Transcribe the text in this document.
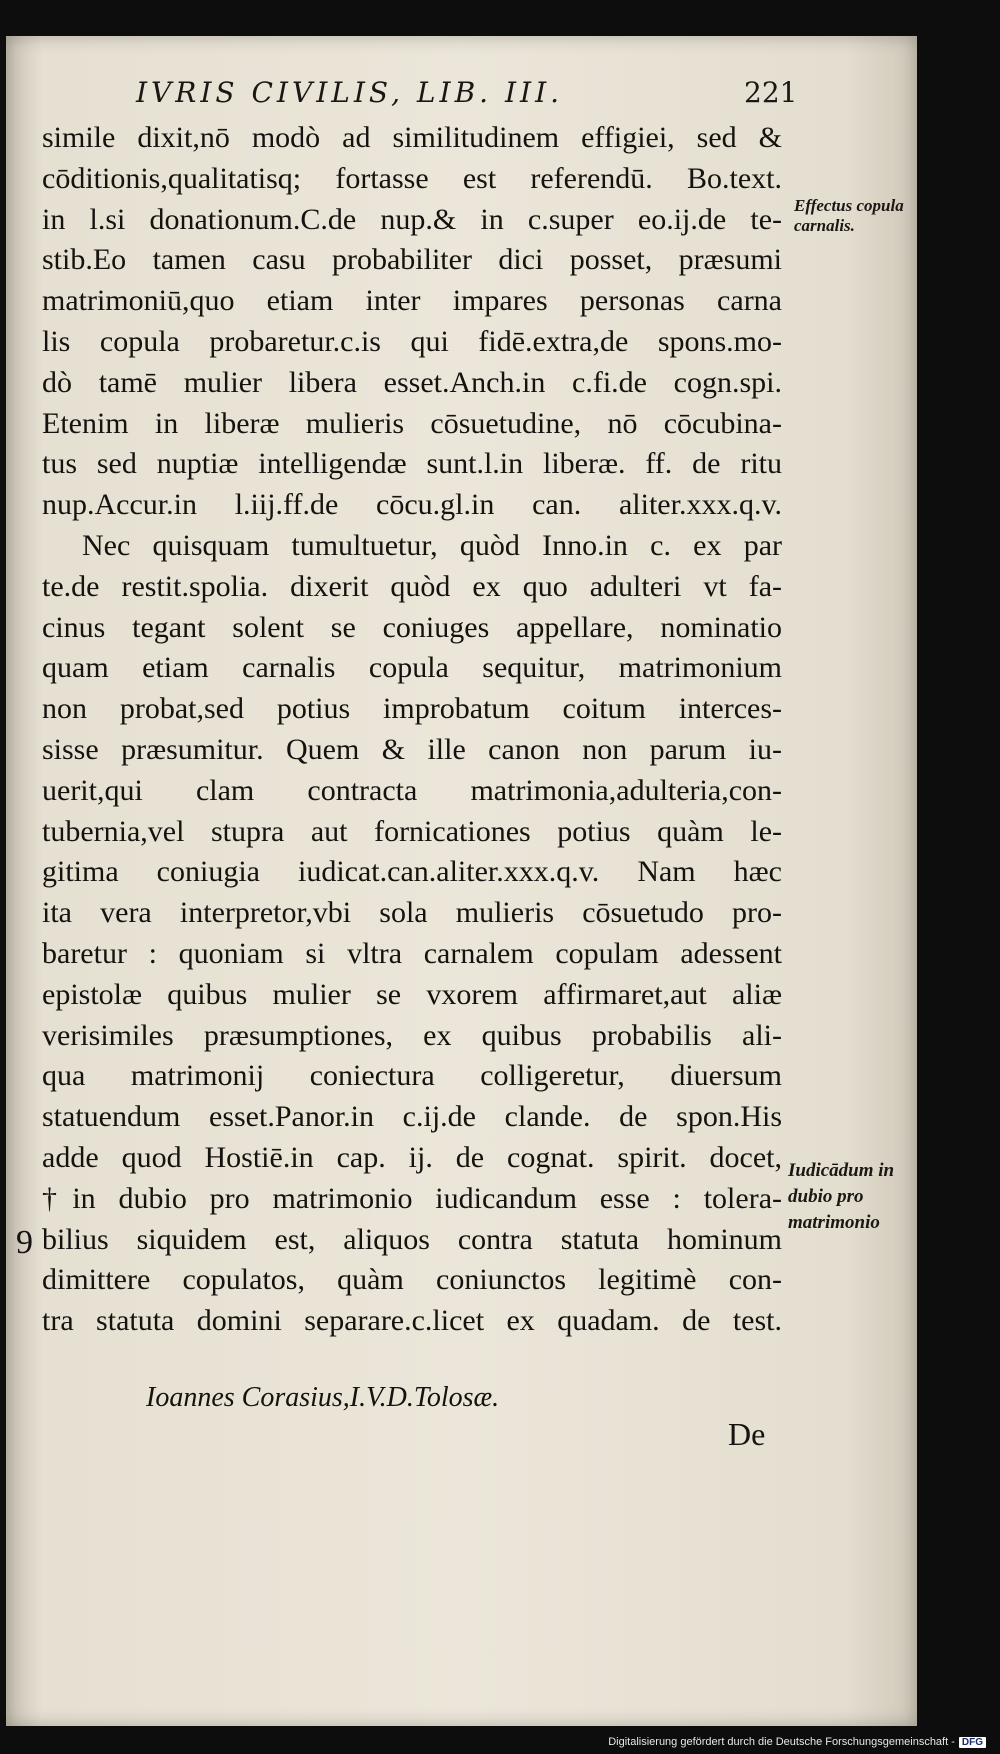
IVRIS CIVILIS, LIB. III.	221
simile dixit,nō modò ad similitudinem effigiei, sed &
cōditionis,qualitatisq; fortasse est referendū. Bo.text.
in l.si donationum.C.de nup.& in c.super eo.ij.de te-
stib.Eo tamen casu probabiliter dici posset, præsumi
matrimoniū,quo etiam inter impares personas carna
lis copula probaretur.c.is qui fidē.extra,de spons.mo-
dò tamē mulier libera esset.Anch.in c.fi.de cogn.spi.
Etenim in liberæ mulieris cōsuetudine, nō cōcubina-
tus sed nuptiæ intelligendæ sunt.l.in liberæ. ff. de ritu
nup.Accur.in l.iij.ff.de cōcu.gl.in can. aliter.xxx.q.v.
Nec quisquam tumultuetur, quòd Inno.in c. ex par
te.de restit.spolia. dixerit quòd ex quo adulteri vt fa-
cinus tegant solent se coniuges appellare, nominatio
quam etiam carnalis copula sequitur, matrimonium
non probat,sed potius improbatum coitum interces-
sisse præsumitur. Quem & ille canon non parum iu-
uerit,qui clam contracta matrimonia,adulteria,con-
tubernia,vel stupra aut fornicationes potius quàm le-
gitima coniugia iudicat.can.aliter.xxx.q.v. Nam hæc
ita vera interpretor,vbi sola mulieris cōsuetudo pro-
baretur : quoniam si vltra carnalem copulam adessent
epistolæ quibus mulier se vxorem affirmaret,aut aliæ
verisimiles præsumptiones, ex quibus probabilis ali-
qua matrimonij coniectura colligeretur, diuersum
statuendum esset.Panor.in c.ij.de clande. de spon.His
adde quod Hostiē.in cap. ij. de cognat. spirit. docet,
†in dubio pro matrimonio iudicandum esse : tolera-
bilius siquidem est, aliquos contra statuta hominum
dimittere copulatos, quàm coniunctos legitimè con-
tra statuta domini separare.c.licet ex quadam. de test.
Ioannes Corasius,I.V.D.Tolosæ.
De
9
Effectus copula carnalis.
Iudicādum in dubio pro matrimonio
Digitalisierung gefördert durch die Deutsche Forschungsgemeinschaft - DFG
